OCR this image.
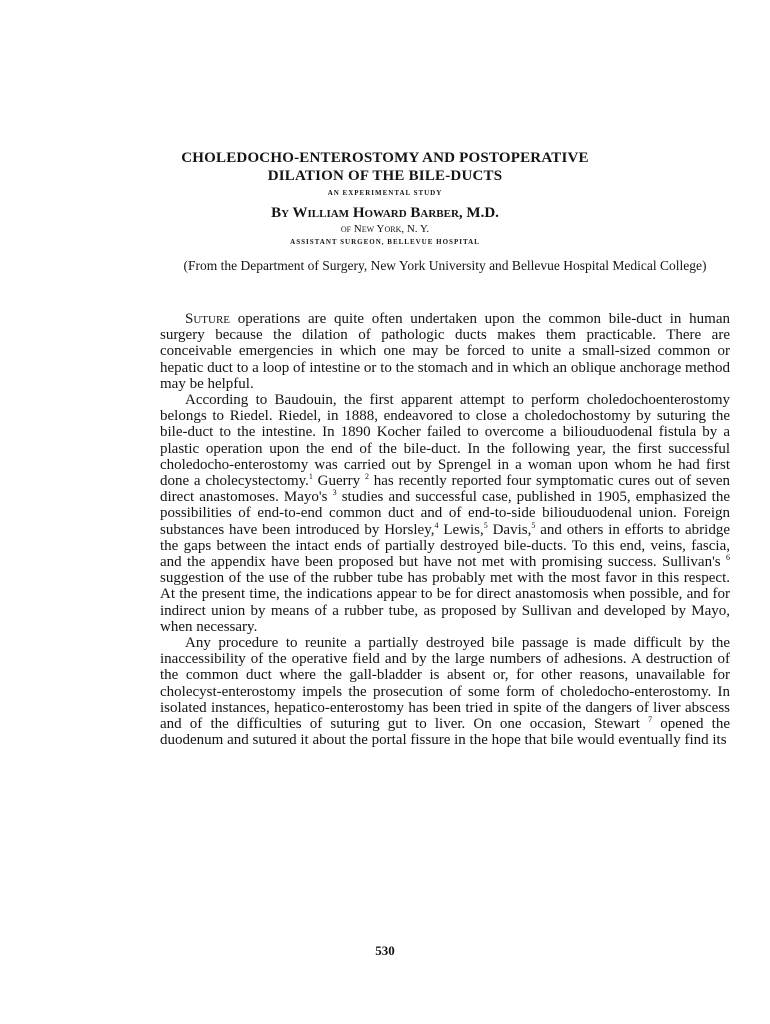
CHOLEDOCHO-ENTEROSTOMY AND POSTOPERATIVE
DILATION OF THE BILE-DUCTS
AN EXPERIMENTAL STUDY
By William Howard Barber, M.D.
of New York, N. Y.
ASSISTANT SURGEON, BELLEVUE HOSPITAL
(From the Department of Surgery, New York University and Bellevue Hospital Medical College)

Suture operations are quite often undertaken upon the common bile-duct in human surgery because the dilation of pathologic ducts makes them practicable. There are conceivable emergencies in which one may be forced to unite a small-sized common or hepatic duct to a loop of intestine or to the stomach and in which an oblique anchorage method may be helpful.

According to Baudouin, the first apparent attempt to perform choledochoenterostomy belongs to Riedel. Riedel, in 1888, endeavored to close a choledochostomy by suturing the bile-duct to the intestine. In 1890 Kocher failed to overcome a biliouduodenal fistula by a plastic operation upon the end of the bile-duct. In the following year, the first successful choledocho-enterostomy was carried out by Sprengel in a woman upon whom he had first done a cholecystectomy.$^1$ Guerry $^2$ has recently reported four symptomatic cures out of seven direct anastomoses. Mayo's $^3$ studies and successful case, published in 1905, emphasized the possibilities of end-to-end common duct and of end-to-side biliouduodenal union. Foreign substances have been introduced by Horsley,$^4$ Lewis,$^5$ Davis,$^5$ and others in efforts to abridge the gaps between the intact ends of partially destroyed bile-ducts. To this end, veins, fascia, and the appendix have been proposed but have not met with promising success. Sullivan's $^6$ suggestion of the use of the rubber tube has probably met with the most favor in this respect. At the present time, the indications appear to be for direct anastomosis when possible, and for indirect union by means of a rubber tube, as proposed by Sullivan and developed by Mayo, when necessary.

Any procedure to reunite a partially destroyed bile passage is made difficult by the inaccessibility of the operative field and by the large numbers of adhesions. A destruction of the common duct where the gall-bladder is absent or, for other reasons, unavailable for cholecyst-enterostomy impels the prosecution of some form of choledocho-enterostomy. In isolated instances, hepatico-enterostomy has been tried in spite of the dangers of liver abscess and of the difficulties of suturing gut to liver. On one occasion, Stewart $^7$ opened the duodenum and sutured it about the portal fissure in the hope that bile would eventually find its

530
